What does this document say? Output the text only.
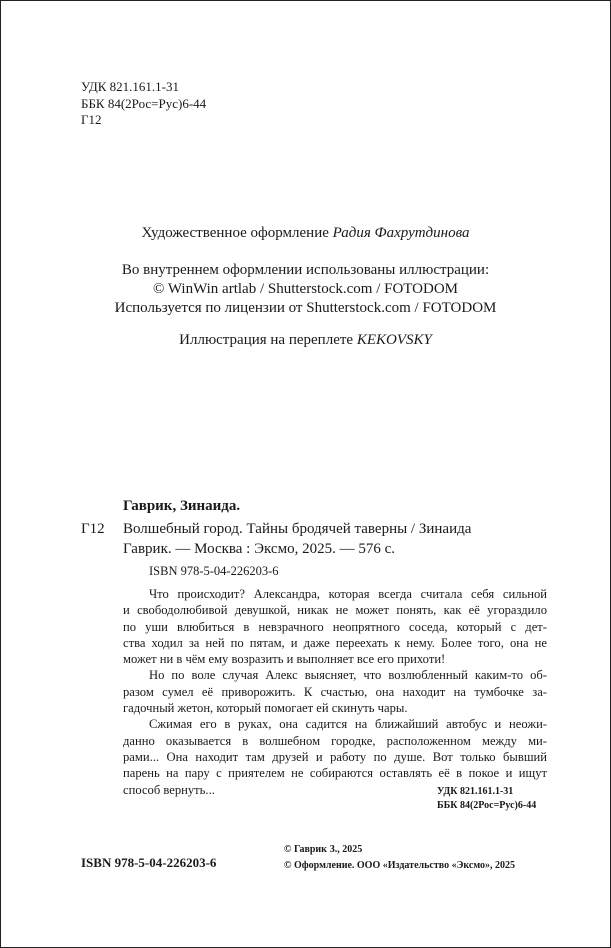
УДК 821.161.1-31
ББК 84(2Рос=Рус)6-44
Г12
Художественное оформление Радия Фахрутдинова
Во внутреннем оформлении использованы иллюстрации:
© WinWin artlab / Shutterstock.com / FOTODOM
Используется по лицензии от Shutterstock.com / FOTODOM
Иллюстрация на переплете KEKOVSKY
Гаврик, Зинаида.
Г12 Волшебный город. Тайны бродячей таверны / Зинаида
Гаврик. — Москва : Эксмо, 2025. — 576 с.
ISBN 978-5-04-226203-6
Что происходит? Александра, которая всегда считала себя сильной
и свободолюбивой девушкой, никак не может понять, как её угораздило
по уши влюбиться в невзрачного неопрятного соседа, который с дет-
ства ходил за ней по пятам, и даже переехать к нему. Более того, она не
может ни в чём ему возразить и выполняет все его прихоти!
Но по воле случая Алекс выясняет, что возлюбленный каким-то об-
разом сумел её приворожить. К счастью, она находит на тумбочке за-
гадочный жетон, который помогает ей скинуть чары.
Сжимая его в руках, она садится на ближайший автобус и неожи-
данно оказывается в волшебном городке, расположенном между ми-
рами... Она находит там друзей и работу по душе. Вот только бывший
парень на пару с приятелем не собираются оставлять её в покое и ищут
способ вернуть...	УДК 821.161.1-31
ББК 84(2Рос=Рус)6-44
ISBN 978-5-04-226203-6
© Гаврик З., 2025
© Оформление. ООО «Издательство «Эксмо», 2025
